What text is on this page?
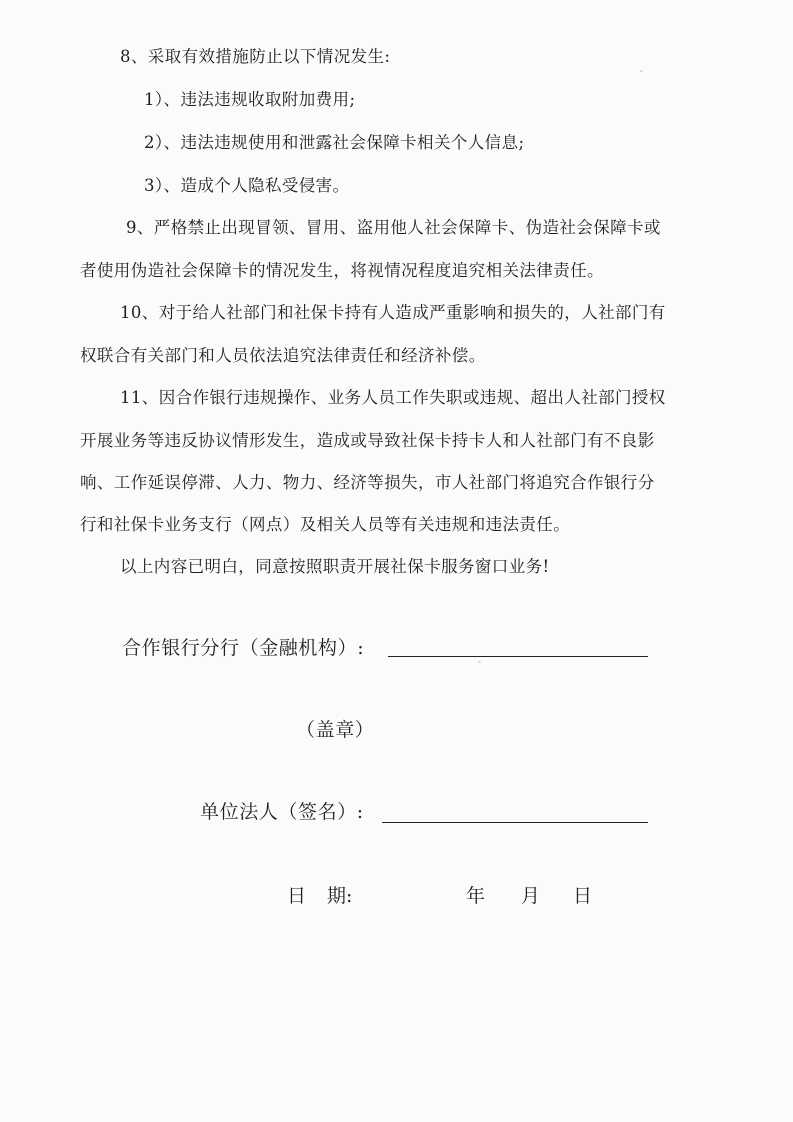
8、采取有效措施防止以下情况发生:
1）、违法违规收取附加费用;
2）、违法违规使用和泄露社会保障卡相关个人信息;
3）、造成个人隐私受侵害。
9、严格禁止出现冒领、冒用、盗用他人社会保障卡、伪造社会保障卡或
者使用伪造社会保障卡的情况发生，将视情况程度追究相关法律责任。
10、对于给人社部门和社保卡持有人造成严重影响和损失的，人社部门有
权联合有关部门和人员依法追究法律责任和经济补偿。
11、因合作银行违规操作、业务人员工作失职或违规、超出人社部门授权
开展业务等违反协议情形发生，造成或导致社保卡持卡人和人社部门有不良影
响、工作延误停滞、人力、物力、经济等损失，市人社部门将追究合作银行分
行和社保卡业务支行（网点）及相关人员等有关违规和违法责任。
以上内容已明白，同意按照职责开展社保卡服务窗口业务!
合作银行分行（金融机构）:
（盖章）
单位法人（签名）:
日 期:	年 月 日
